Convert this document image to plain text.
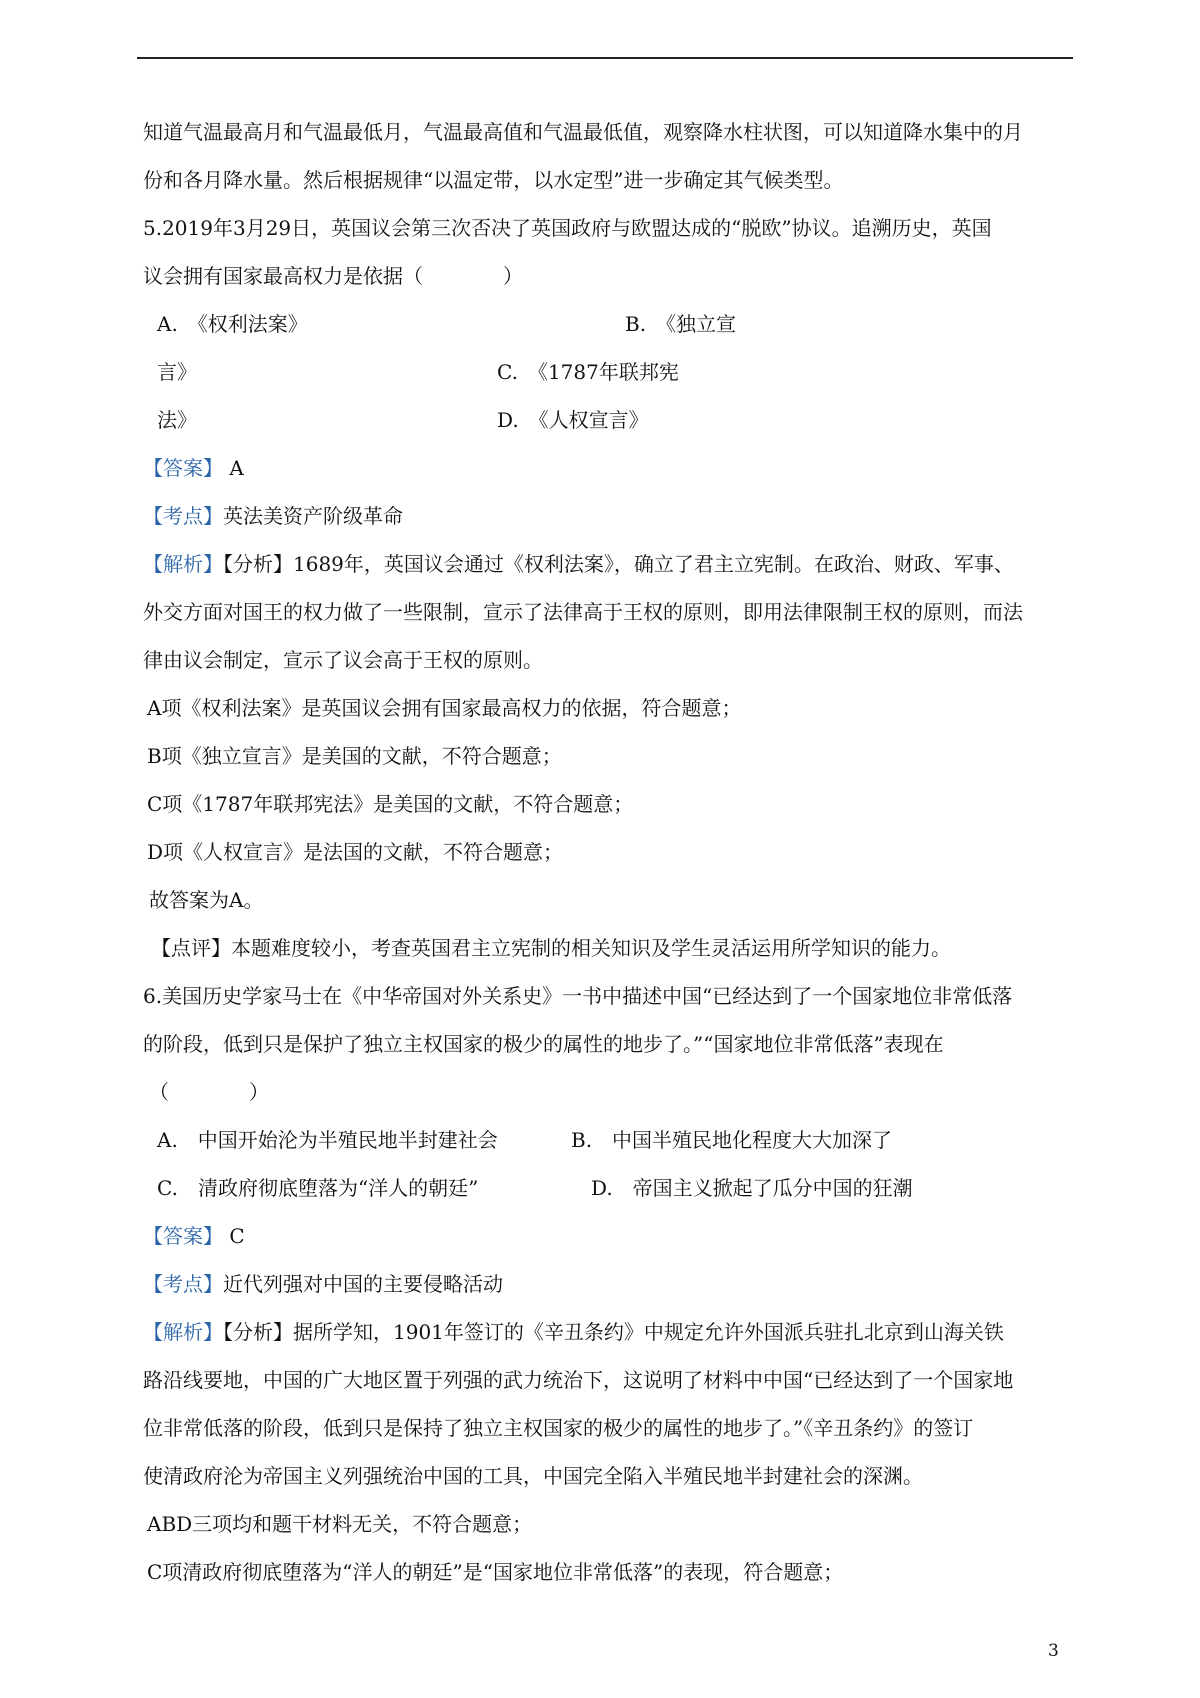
知道气温最高月和气温最低月，气温最高值和气温最低值，观察降水柱状图，可以知道降水集中的月
份和各月降水量。然后根据规律“以温定带，以水定型”进一步确定其气候类型。
5.2019年3月29日，英国议会第三次否决了英国政府与欧盟达成的“脱欧”协议。追溯历史，英国
议会拥有国家最高权力是依据（　　　　）
A.　《权利法案》	B.　《独立宣
言》	C.　《1787年联邦宪
法》	D.　《人权宣言》
【答案】 A
【考点】英法美资产阶级革命
【解析】【分析】1689年，英国议会通过《权利法案》，确立了君主立宪制。在政治、财政、军事、
外交方面对国王的权力做了一些限制，宣示了法律高于王权的原则，即用法律限制王权的原则，而法
律由议会制定，宣示了议会高于王权的原则。
A项《权利法案》是英国议会拥有国家最高权力的依据，符合题意；
B项《独立宣言》是美国的文献，不符合题意；
C项《1787年联邦宪法》是美国的文献，不符合题意；
D项《人权宣言》是法国的文献，不符合题意；
故答案为A。
【点评】本题难度较小，考查英国君主立宪制的相关知识及学生灵活运用所学知识的能力。
6.美国历史学家马士在《中华帝国对外关系史》一书中描述中国“已经达到了一个国家地位非常低落
的阶段，低到只是保护了独立主权国家的极少的属性的地步了。”“国家地位非常低落”表现在
（　　　　）
A.　中国开始沦为半殖民地半封建社会	B.　中国半殖民地化程度大大加深了
C.　清政府彻底堕落为“洋人的朝廷”	D.　帝国主义掀起了瓜分中国的狂潮
【答案】 C
【考点】近代列强对中国的主要侵略活动
【解析】【分析】据所学知，1901年签订的《辛丑条约》中规定允许外国派兵驻扎北京到山海关铁
路沿线要地，中国的广大地区置于列强的武力统治下，这说明了材料中中国“已经达到了一个国家地
位非常低落的阶段，低到只是保持了独立主权国家的极少的属性的地步了。”《辛丑条约》的签订
使清政府沦为帝国主义列强统治中国的工具，中国完全陷入半殖民地半封建社会的深渊。
ABD三项均和题干材料无关，不符合题意；
C项清政府彻底堕落为“洋人的朝廷”是“国家地位非常低落”的表现，符合题意；
3
